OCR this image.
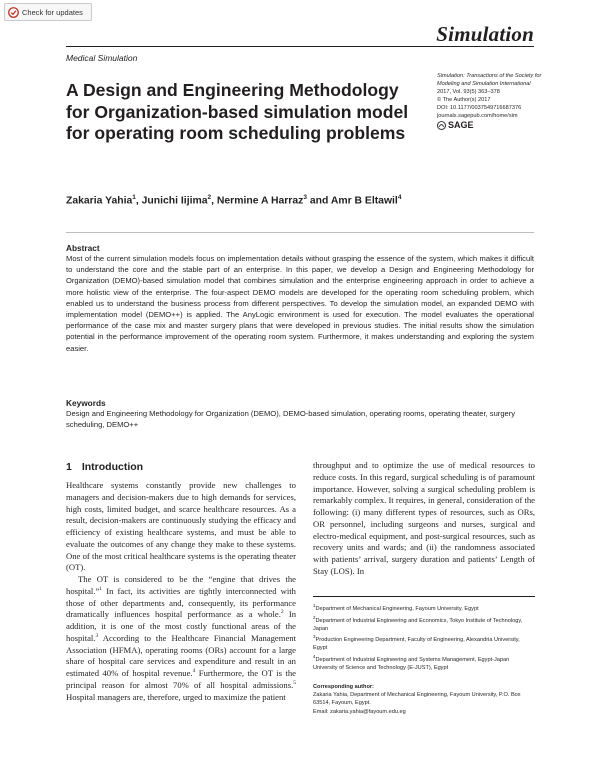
Check for updates
Simulation
Medical Simulation
A Design and Engineering Methodology for Organization-based simulation model for operating room scheduling problems
Simulation: Transactions of the Society for Modeling and Simulation International
2017, Vol. 93(5) 363–378
© The Author(s) 2017
DOI: 10.1177/0037549716687376
journals.sagepub.com/home/sim
SAGE
Zakaria Yahia$^1$, Junichi Iijima$^2$, Nermine A Harraz$^3$ and Amr B Eltawil$^4$
Abstract
Most of the current simulation models focus on implementation details without grasping the essence of the system, which makes it difficult to understand the core and the stable part of an enterprise. In this paper, we develop a Design and Engineering Methodology for Organization (DEMO)-based simulation model that combines simulation and the enterprise engineering approach in order to achieve a more holistic view of the enterprise. The four-aspect DEMO models are developed for the operating room scheduling problem, which enabled us to understand the business process from different perspectives. To develop the simulation model, an expanded DEMO with implementation model (DEMO++) is applied. The AnyLogic environment is used for execution. The model evaluates the operational performance of the case mix and master surgery plans that were developed in previous studies. The initial results show the simulation potential in the performance improvement of the operating room system. Furthermore, it makes understanding and exploring the system easier.
Keywords
Design and Engineering Methodology for Organization (DEMO), DEMO-based simulation, operating rooms, operating theater, surgery scheduling, DEMO++
1 Introduction

Healthcare systems constantly provide new challenges to managers and decision-makers due to high demands for services, high costs, limited budget, and scarce healthcare resources. As a result, decision-makers are continuously studying the efficacy and efficiency of existing healthcare systems, and must be able to evaluate the outcomes of any change they make to these systems. One of the most critical healthcare systems is the operating theater (OT).

The OT is considered to be the “engine that drives the hospital.”$^1$ In fact, its activities are tightly interconnected with those of other departments and, consequently, its performance dramatically influences hospital performance as a whole.$^2$ In addition, it is one of the most costly functional areas of the hospital.$^3$ According to the Healthcare Financial Management Association (HFMA), operating rooms (ORs) account for a large share of hospital care services and expenditure and result in an estimated 40% of hospital revenue.$^4$ Furthermore, the OT is the principal reason for almost 70% of all hospital admissions.$^5$ Hospital managers are, therefore, urged to maximize the patient

throughput and to optimize the use of medical resources to reduce costs. In this regard, surgical scheduling is of paramount importance. However, solving a surgical scheduling problem is remarkably complex. It requires, in general, consideration of the following: (i) many different types of resources, such as ORs, OR personnel, including surgeons and nurses, surgical and electro-medical equipment, and post-surgical resources, such as recovery units and wards; and (ii) the randomness associated with patients’ arrival, surgery duration and patients’ Length of Stay (LOS). In

$^1$Department of Mechanical Engineering, Fayoum University, Egypt
$^2$Department of Industrial Engineering and Economics, Tokyo Institute of Technology, Japan
$^3$Production Engineering Department, Faculty of Engineering, Alexandria University, Egypt
$^4$Department of Industrial Engineering and Systems Management, Egypt-Japan University of Science and Technology (E-JUST), Egypt
Corresponding author:
Zakaria Yahia, Department of Mechanical Engineering, Fayoum University, P.O. Box 63514, Fayoum, Egypt.
Email: zakaria.yahia@fayoum.edu.eg
